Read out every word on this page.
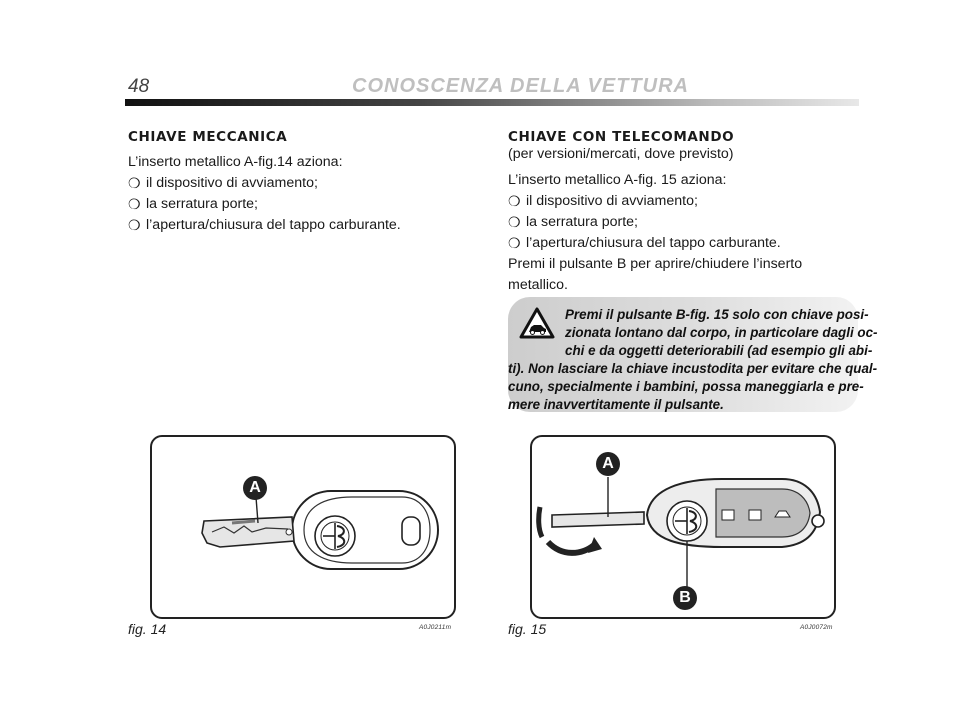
48	CONOSCENZA DELLA VETTURA

CHIAVE MECCANICA

L’inserto metallico A-fig.14 aziona:

❍ il dispositivo di avviamento;

❍ la serratura porte;

❍ l’apertura/chiusura del tappo carburante.

CHIAVE CON TELECOMANDO

(per versioni/mercati, dove previsto)

L’inserto metallico A-fig. 15 aziona:

❍ il dispositivo di avviamento;

❍ la serratura porte;

❍ l’apertura/chiusura del tappo carburante.

Premi il pulsante B per aprire/chiudere l’inserto metallico.

Premi il pulsante B-fig. 15 solo con chiave posi-
zionata lontano dal corpo, in particolare dagli oc-
chi e da oggetti deteriorabili (ad esempio gli abi-
ti). Non lasciare la chiave incustodita per evitare che qual-
cuno, specialmente i bambini, possa maneggiarla e pre-
mere inavvertitamente il pulsante.
A
fig. 14	A0J0211m
A
B
fig. 15	A0J0072m
